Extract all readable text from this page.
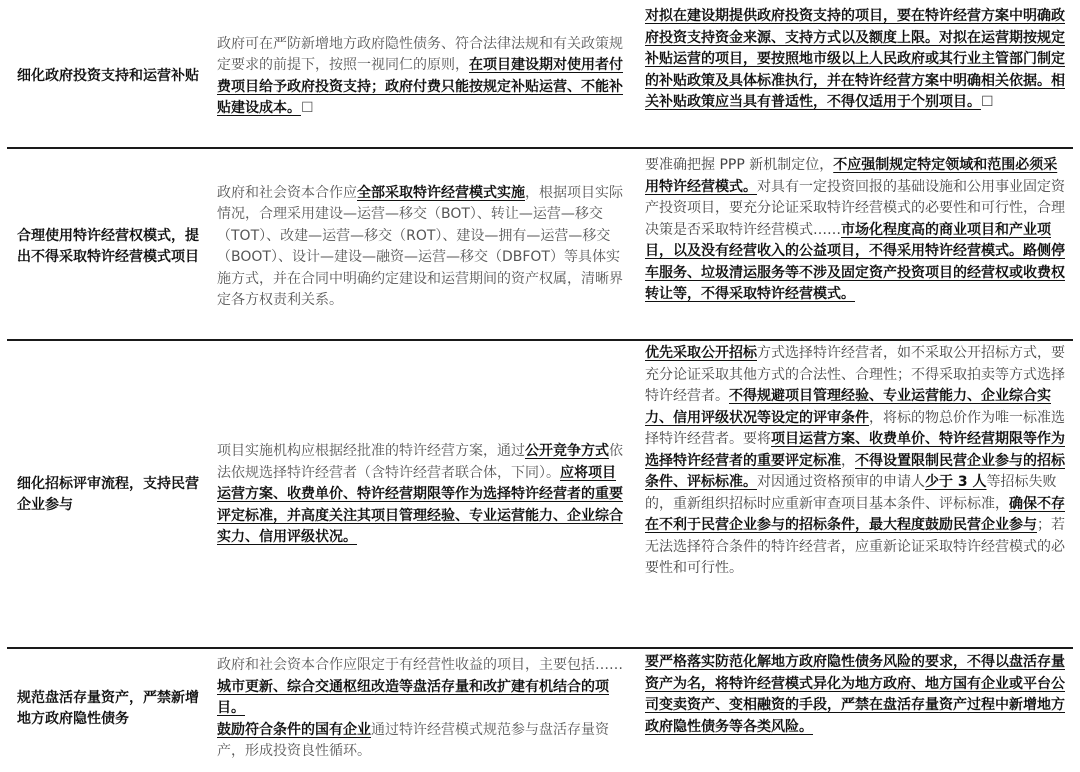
细化政府投资支持和运营补贴
政府可在严防新增地方政府隐性债务、符合法律法规和有关政策规定要求的前提下，按照一视同仁的原则，在项目建设期对使用者付费项目给予政府投资支持；政府付费只能按规定补贴运营、不能补贴建设成本。☐
对拟在建设期提供政府投资支持的项目，要在特许经营方案中明确政府投资支持资金来源、支持方式以及额度上限。对拟在运营期按规定补贴运营的项目，要按照地市级以上人民政府或其行业主管部门制定的补贴政策及具体标准执行，并在特许经营方案中明确相关依据。相关补贴政策应当具有普适性，不得仅适用于个别项目。☐
合理使用特许经营权模式，提出不得采取特许经营模式项目
政府和社会资本合作应全部采取特许经营模式实施，根据项目实际情况，合理采用建设—运营—移交（BOT）、转让—运营—移交（TOT）、改建—运营—移交（ROT）、建设—拥有—运营—移交（BOOT）、设计—建设—融资—运营—移交（DBFOT）等具体实施方式，并在合同中明确约定建设和运营期间的资产权属，清晰界定各方权责利关系。
要准确把握 PPP 新机制定位，不应强制规定特定领域和范围必须采用特许经营模式。对具有一定投资回报的基础设施和公用事业固定资产投资项目，要充分论证采取特许经营模式的必要性和可行性，合理决策是否采取特许经营模式……市场化程度高的商业项目和产业项目，以及没有经营收入的公益项目，不得采用特许经营模式。路侧停车服务、垃圾清运服务等不涉及固定资产投资项目的经营权或收费权转让等，不得采取特许经营模式。
细化招标评审流程，支持民营企业参与
项目实施机构应根据经批准的特许经营方案，通过公开竞争方式依法依规选择特许经营者（含特许经营者联合体，下同）。应将项目运营方案、收费单价、特许经营期限等作为选择特许经营者的重要评定标准，并高度关注其项目管理经验、专业运营能力、企业综合实力、信用评级状况。
优先采取公开招标方式选择特许经营者，如不采取公开招标方式，要充分论证采取其他方式的合法性、合理性；不得采取拍卖等方式选择特许经营者。不得规避项目管理经验、专业运营能力、企业综合实力、信用评级状况等设定的评审条件，将标的物总价作为唯一标准选择特许经营者。要将项目运营方案、收费单价、特许经营期限等作为选择特许经营者的重要评定标准，不得设置限制民营企业参与的招标条件、评标标准。对因通过资格预审的申请人少于 3 人等招标失败的，重新组织招标时应重新审查项目基本条件、评标标准，确保不存在不利于民营企业参与的招标条件，最大程度鼓励民营企业参与；若无法选择符合条件的特许经营者，应重新论证采取特许经营模式的必要性和可行性。
规范盘活存量资产，严禁新增地方政府隐性债务
政府和社会资本合作应限定于有经营性收益的项目，主要包括……城市更新、综合交通枢纽改造等盘活存量和改扩建有机结合的项目。
鼓励符合条件的国有企业通过特许经营模式规范参与盘活存量资产，形成投资良性循环。
要严格落实防范化解地方政府隐性债务风险的要求，不得以盘活存量资产为名，将特许经营模式异化为地方政府、地方国有企业或平台公司变卖资产、变相融资的手段，严禁在盘活存量资产过程中新增地方政府隐性债务等各类风险。
